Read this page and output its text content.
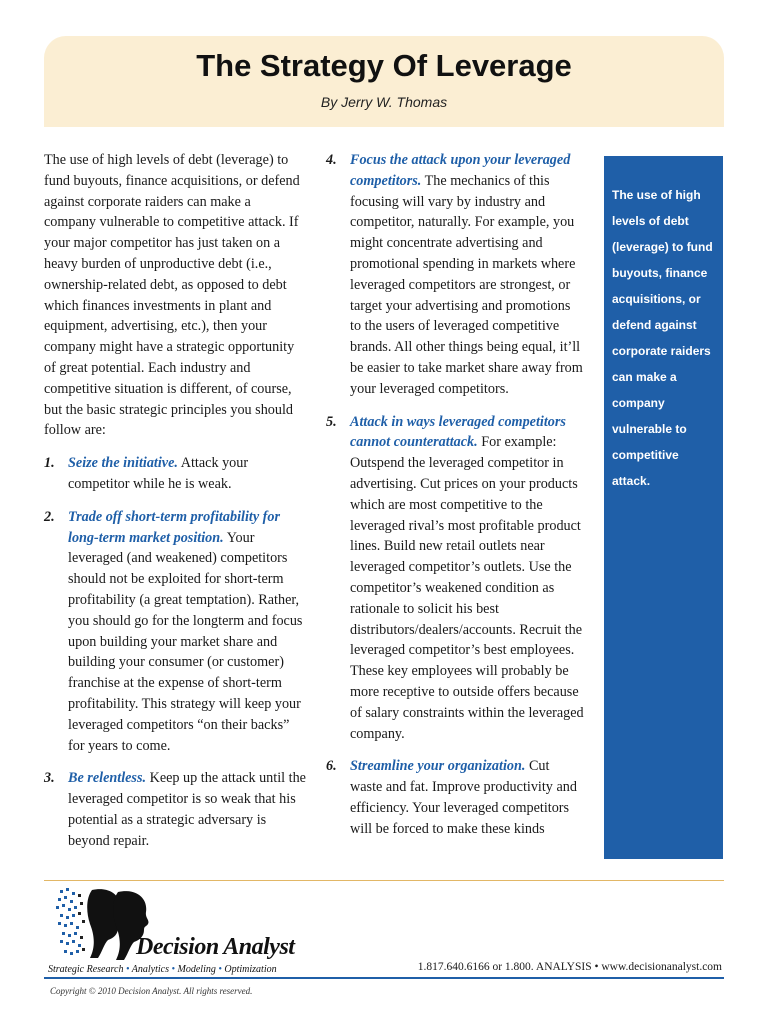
The Strategy Of Leverage
By Jerry W. Thomas

The use of high levels of debt (leverage) to fund buyouts, finance acquisitions, or defend against corporate raiders can make a company vulnerable to competitive attack. If your major competitor has just taken on a heavy burden of unproductive debt (i.e., ownership-related debt, as opposed to debt which finances investments in plant and equipment, advertising, etc.), then your company might have a strategic opportunity of great potential. Each industry and competitive situation is different, of course, but the basic strategic principles you should follow are:

1. Seize the initiative. Attack your competitor while he is weak.
2. Trade off short-term profitability for long-term market position. Your leveraged (and weakened) competitors should not be exploited for short-term profitability (a great temptation). Rather, you should go for the longterm and focus upon building your market share and building your consumer (or customer) franchise at the expense of short-term profitability. This strategy will keep your leveraged competitors “on their backs” for years to come.
3. Be relentless. Keep up the attack until the leveraged competitor is so weak that his potential as a strategic adversary is beyond repair.
4. Focus the attack upon your leveraged competitors. The mechanics of this focusing will vary by industry and competitor, naturally. For example, you might concentrate advertising and promotional spending in markets where leveraged competitors are strongest, or target your advertising and promotions to the users of leveraged competitive brands. All other things being equal, it’ll be easier to take market share away from your leveraged competitors.
5. Attack in ways leveraged competitors cannot counterattack. For example: Outspend the leveraged competitor in advertising. Cut prices on your products which are most competitive to the leveraged rival’s most profitable product lines. Build new retail outlets near leveraged competitor’s outlets. Use the competitor’s weakened condition as rationale to solicit his best distributors/dealers/accounts. Recruit the leveraged competitor’s best employees. These key employees will probably be more receptive to outside offers because of salary constraints within the leveraged company.
6. Streamline your organization. Cut waste and fat. Improve productivity and efficiency. Your leveraged competitors will be forced to make these kinds
The use of high levels of debt (leverage) to fund buyouts, finance acquisitions, or defend against corporate raiders can make a company vulnerable to competitive attack.
Decision Analyst
Strategic Research • Analytics • Modeling • Optimization	1.817.640.6166 or 1.800. ANALYSIS • www.decisionanalyst.com
Copyright © 2010 Decision Analyst. All rights reserved.
